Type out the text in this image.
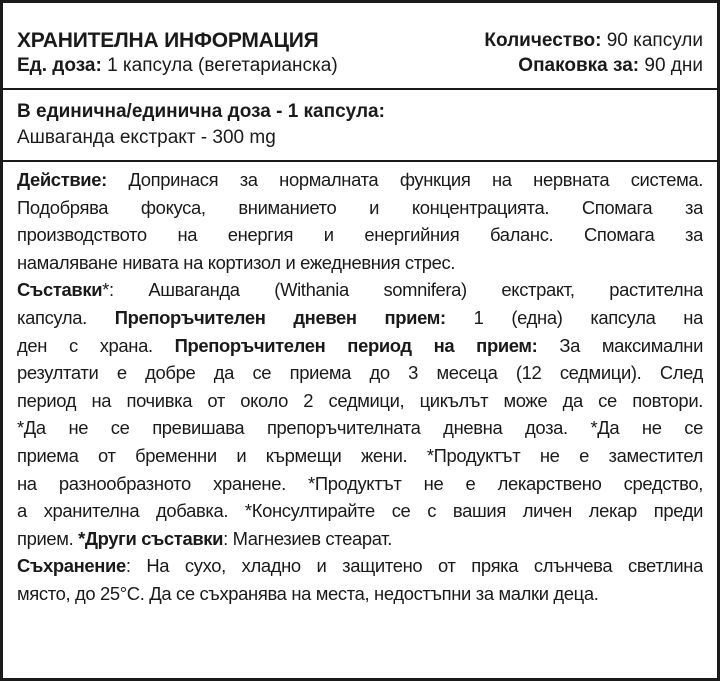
ХРАНИТЕЛНА ИНФОРМАЦИЯ	Количество: 90 капсули
Ед. доза: 1 капсула (вегетарианска)	Опаковка за: 90 дни
В единична/единична доза - 1 капсула:
Ашваганда екстракт - 300 mg
Действие: Допринася за нормалната функция на нервната система.
Подобрява фокуса, вниманието и концентрацията. Спомага за
производството на енергия и енергийния баланс. Спомага за
намаляване нивата на кортизол и ежедневния стрес.
Съставки*: Ашваганда (Withania somnifera) екстракт, растителна
капсула. Препоръчителен дневен прием: 1 (една) капсула на
ден с храна. Препоръчителен период на прием: За максимални
резултати е добре да се приема до 3 месеца (12 седмици). След
период на почивка от около 2 седмици, цикълът може да се повтори.
*Да не се превишава препоръчителната дневна доза. *Да не се
приема от бременни и кърмещи жени. *Продуктът не е заместител
на разнообразното хранене. *Продуктът не е лекарствено средство,
а хранителна добавка. *Консултирайте се с вашия личен лекар преди
прием. *Други съставки: Магнезиев стеарат.
Съхранение: На сухо, хладно и защитено от пряка слънчева светлина
място, до 25°C. Да се съхранява на места, недостъпни за малки деца.
